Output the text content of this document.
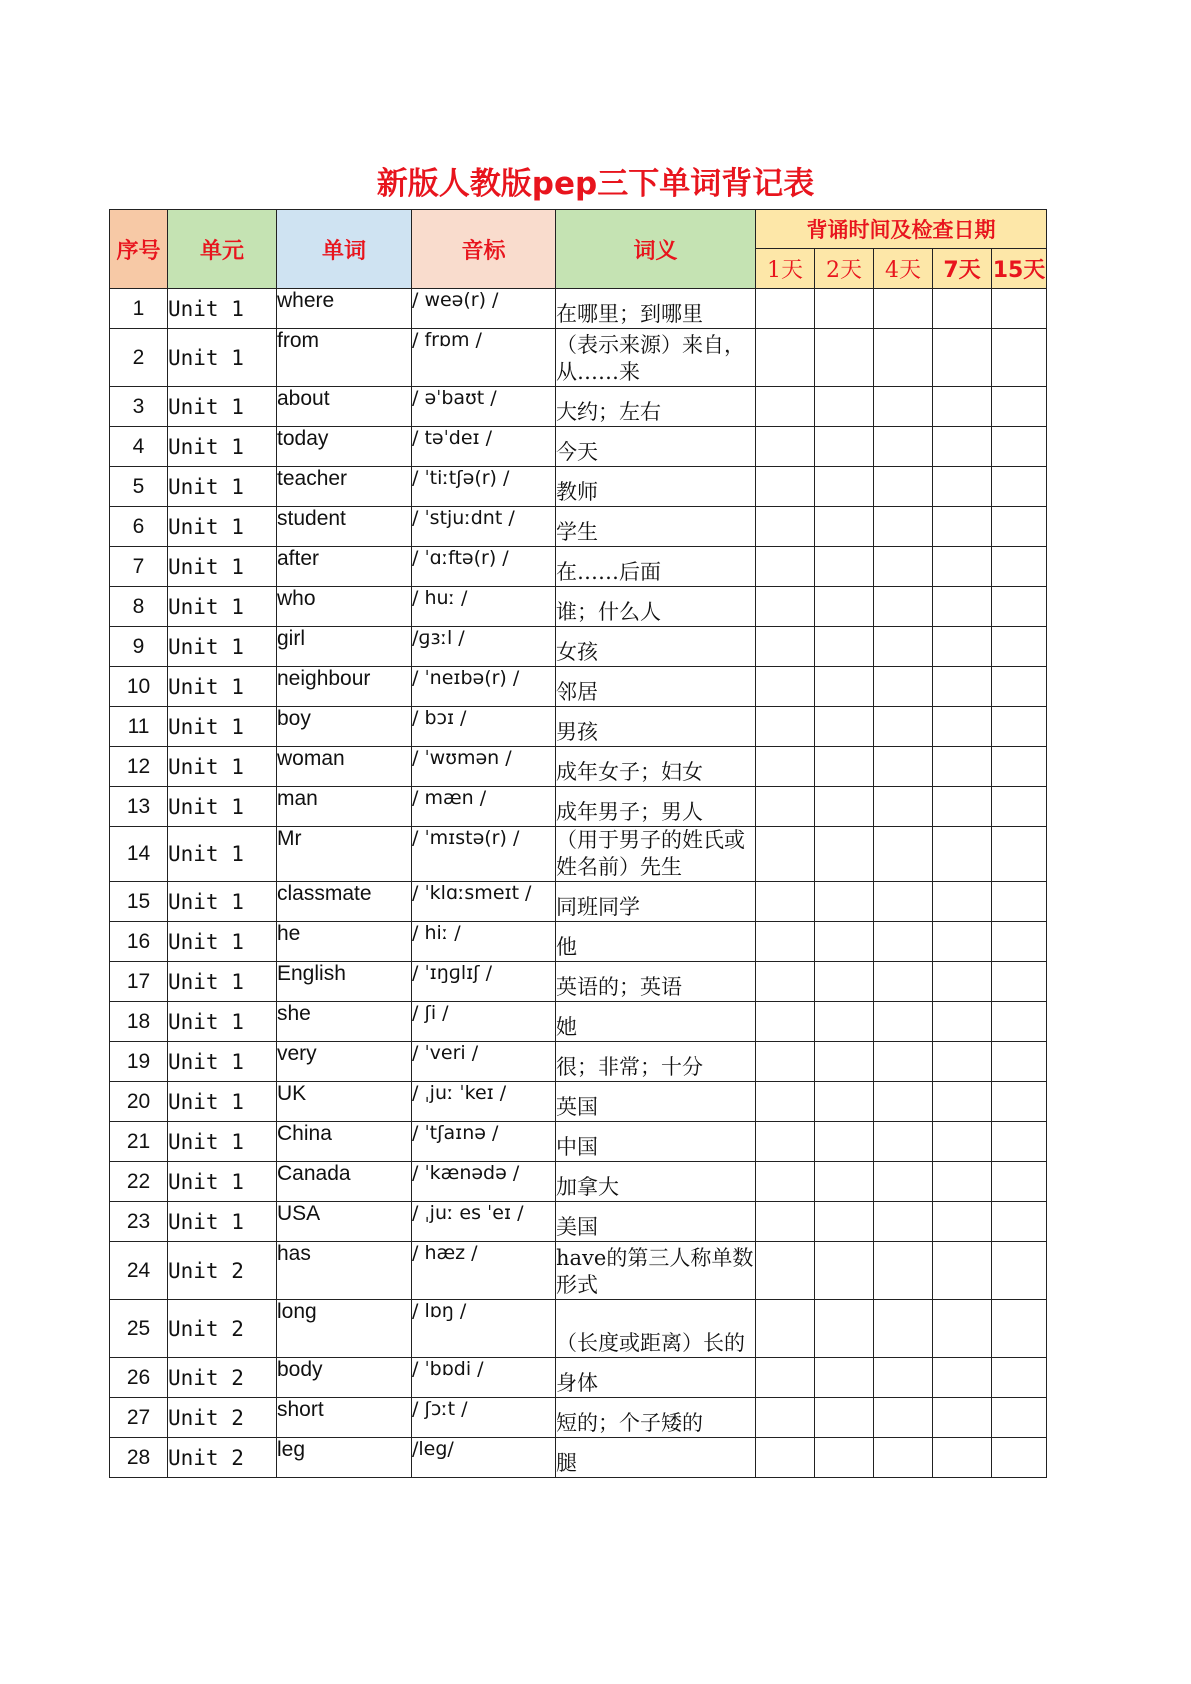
新版人教版pep三下单词背记表
序号	单元	单词	音标	词义	背诵时间及检查日期				
					1天	2天	4天	7天	15天
1	Unit 1	where	/ weə(r) /	在哪里；到哪里					
2	Unit 1	from	/ frɒm /	（表示来源）来自，从……来					
3	Unit 1	about	/ əˈbaʊt /	大约；左右					
4	Unit 1	today	/ təˈdeɪ /	今天					
5	Unit 1	teacher	/ ˈtiːtʃə(r) /	教师					
6	Unit 1	student	/ ˈstjuːdnt /	学生					
7	Unit 1	after	/ ˈɑːftə(r) /	在……后面					
8	Unit 1	who	/ huː /	谁；什么人					
9	Unit 1	girl	/ɡɜːl /	女孩					
10	Unit 1	neighbour	/ ˈneɪbə(r) /	邻居					
11	Unit 1	boy	/ bɔɪ /	男孩					
12	Unit 1	woman	/ ˈwʊmən /	成年女子；妇女					
13	Unit 1	man	/ mæn /	成年男子；男人					
14	Unit 1	Mr	/ ˈmɪstə(r) /	（用于男子的姓氏或姓名前）先生					
15	Unit 1	classmate	/ ˈklɑːsmeɪt /	同班同学					
16	Unit 1	he	/ hiː /	他					
17	Unit 1	English	/ ˈɪŋɡlɪʃ /	英语的；英语					
18	Unit 1	she	/ ʃi /	她					
19	Unit 1	very	/ ˈveri /	很；非常；十分					
20	Unit 1	UK	/ ˌjuː ˈkeɪ /	英国					
21	Unit 1	China	/ ˈtʃaɪnə /	中国					
22	Unit 1	Canada	/ ˈkænədə /	加拿大					
23	Unit 1	USA	/ ˌjuː es ˈeɪ /	美国					
24	Unit 2	has	/ hæz /	have的第三人称单数形式					
25	Unit 2	long	/ lɒŋ /	（长度或距离）长的					
26	Unit 2	body	/ ˈbɒdi /	身体					
27	Unit 2	short	/ ʃɔːt /	短的；个子矮的					
28	Unit 2	leg	/leg/	腿					
